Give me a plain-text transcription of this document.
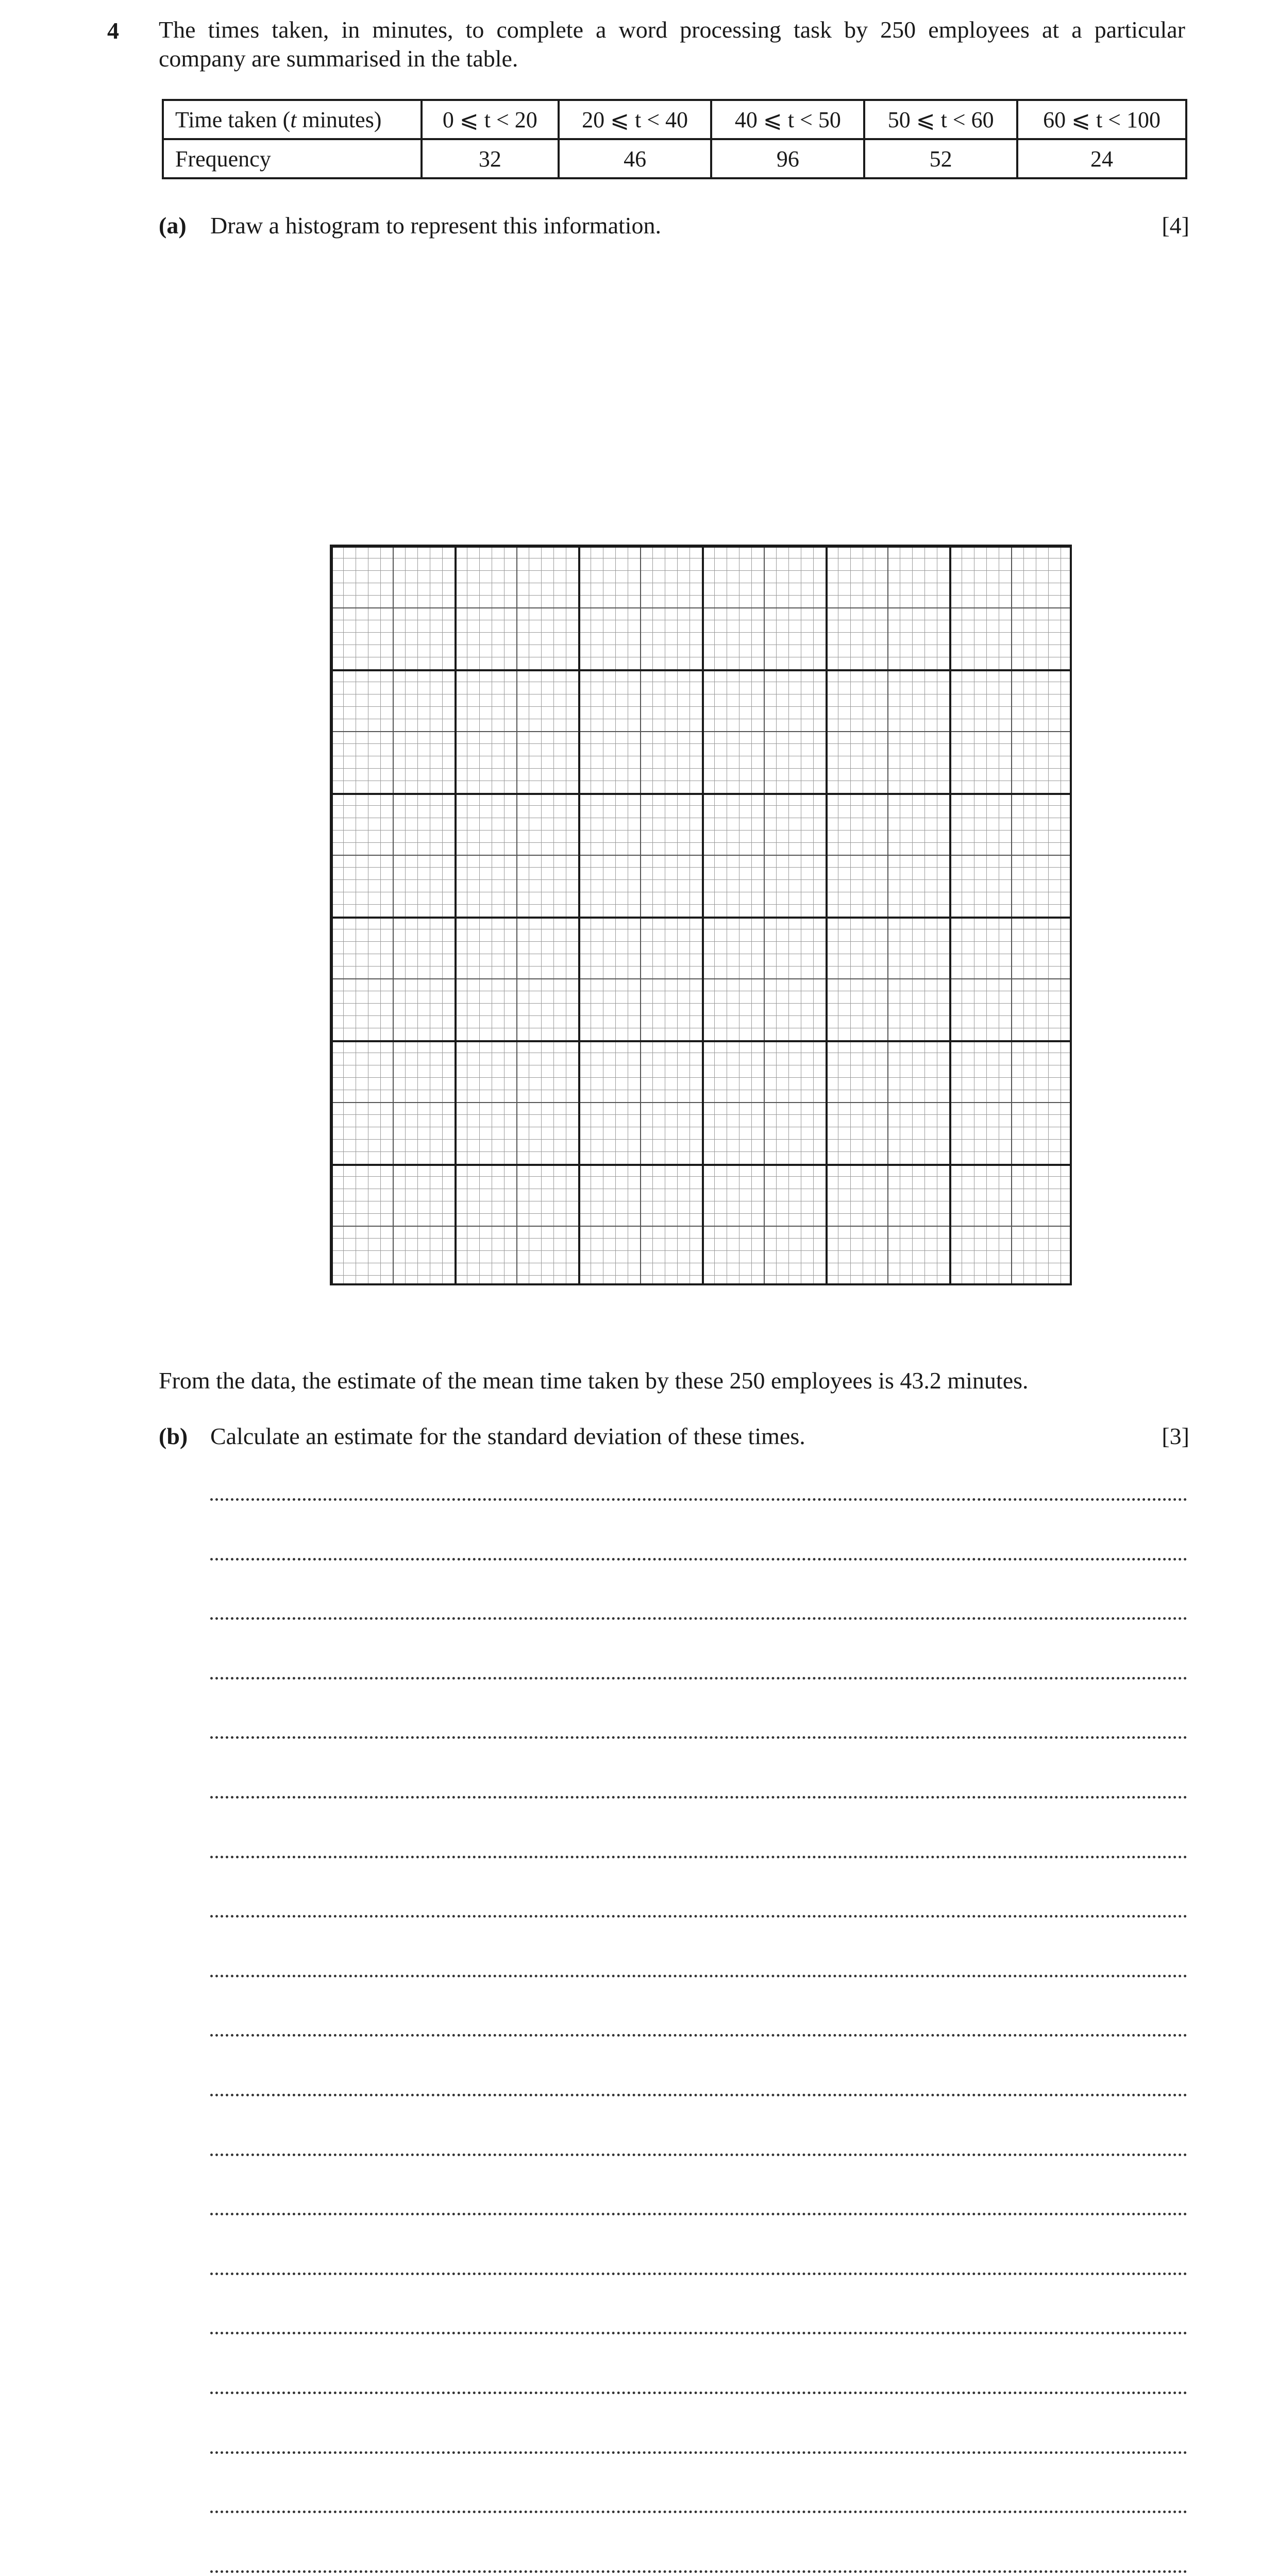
4 The times taken, in minutes, to complete a word processing task by 250 employees at a particular
company are summarised in the table.
Time taken (t minutes)	0 ⩽ t < 20	20 ⩽ t < 40	40 ⩽ t < 50	50 ⩽ t < 60	60 ⩽ t < 100
Frequency	32	46	96	52	24
(a) Draw a histogram to represent this information.	[4]
From the data, the estimate of the mean time taken by these 250 employees is 43.2 minutes.
(b) Calculate an estimate for the standard deviation of these times.	[3]
